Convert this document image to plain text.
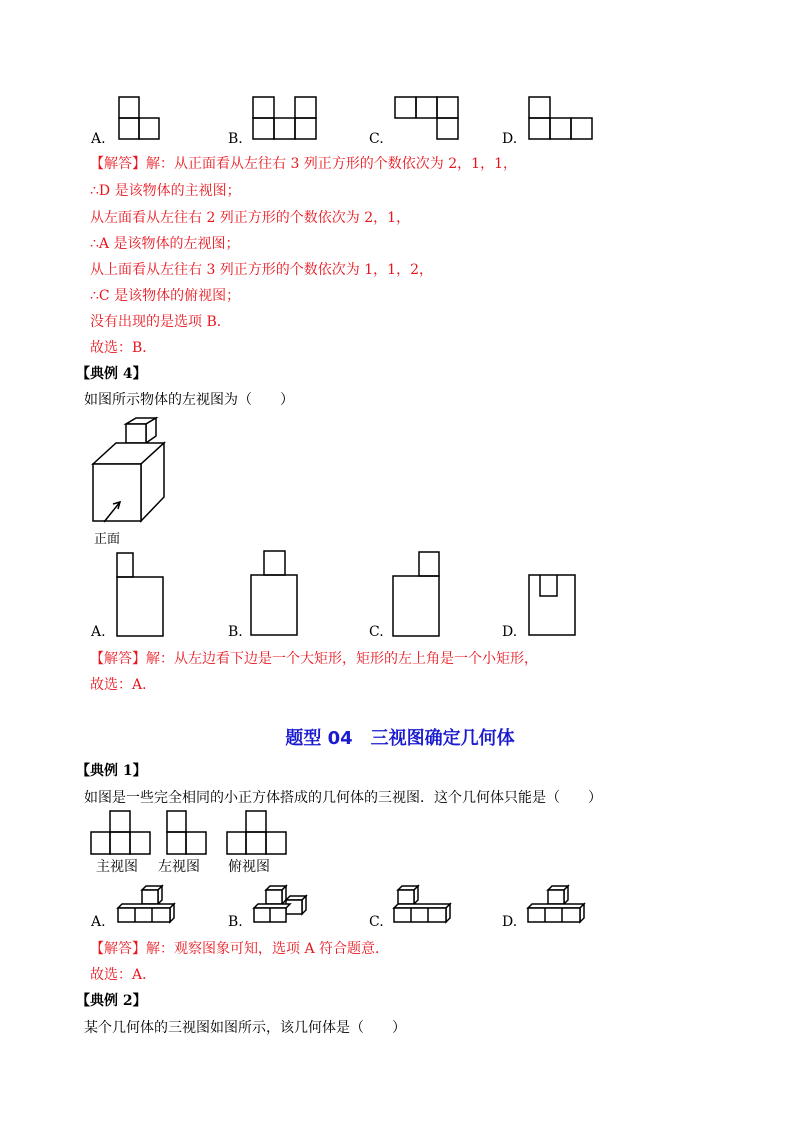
A.	B.	C.	D.
【解答】解：从正面看从左往右 3 列正方形的个数依次为 2，1，1，
∴D 是该物体的主视图；
从左面看从左往右 2 列正方形的个数依次为 2，1，
∴A 是该物体的左视图；
从上面看从左往右 3 列正方形的个数依次为 1，1，2，
∴C 是该物体的俯视图；
没有出现的是选项 B．
故选：B．
【典例 4】
如图所示物体的左视图为（　　）
正面
A.	B.	C.	D.
【解答】解：从左边看下边是一个大矩形，矩形的左上角是一个小矩形，
故选：A．
题型 04　三视图确定几何体
【典例 1】
如图是一些完全相同的小正方体搭成的几何体的三视图．这个几何体只能是（　　）
主视图 左视图 俯视图
A.	B.	C.	D.
【解答】解：观察图象可知，选项 A 符合题意．
故选：A．
【典例 2】
某个几何体的三视图如图所示，该几何体是（　　）
